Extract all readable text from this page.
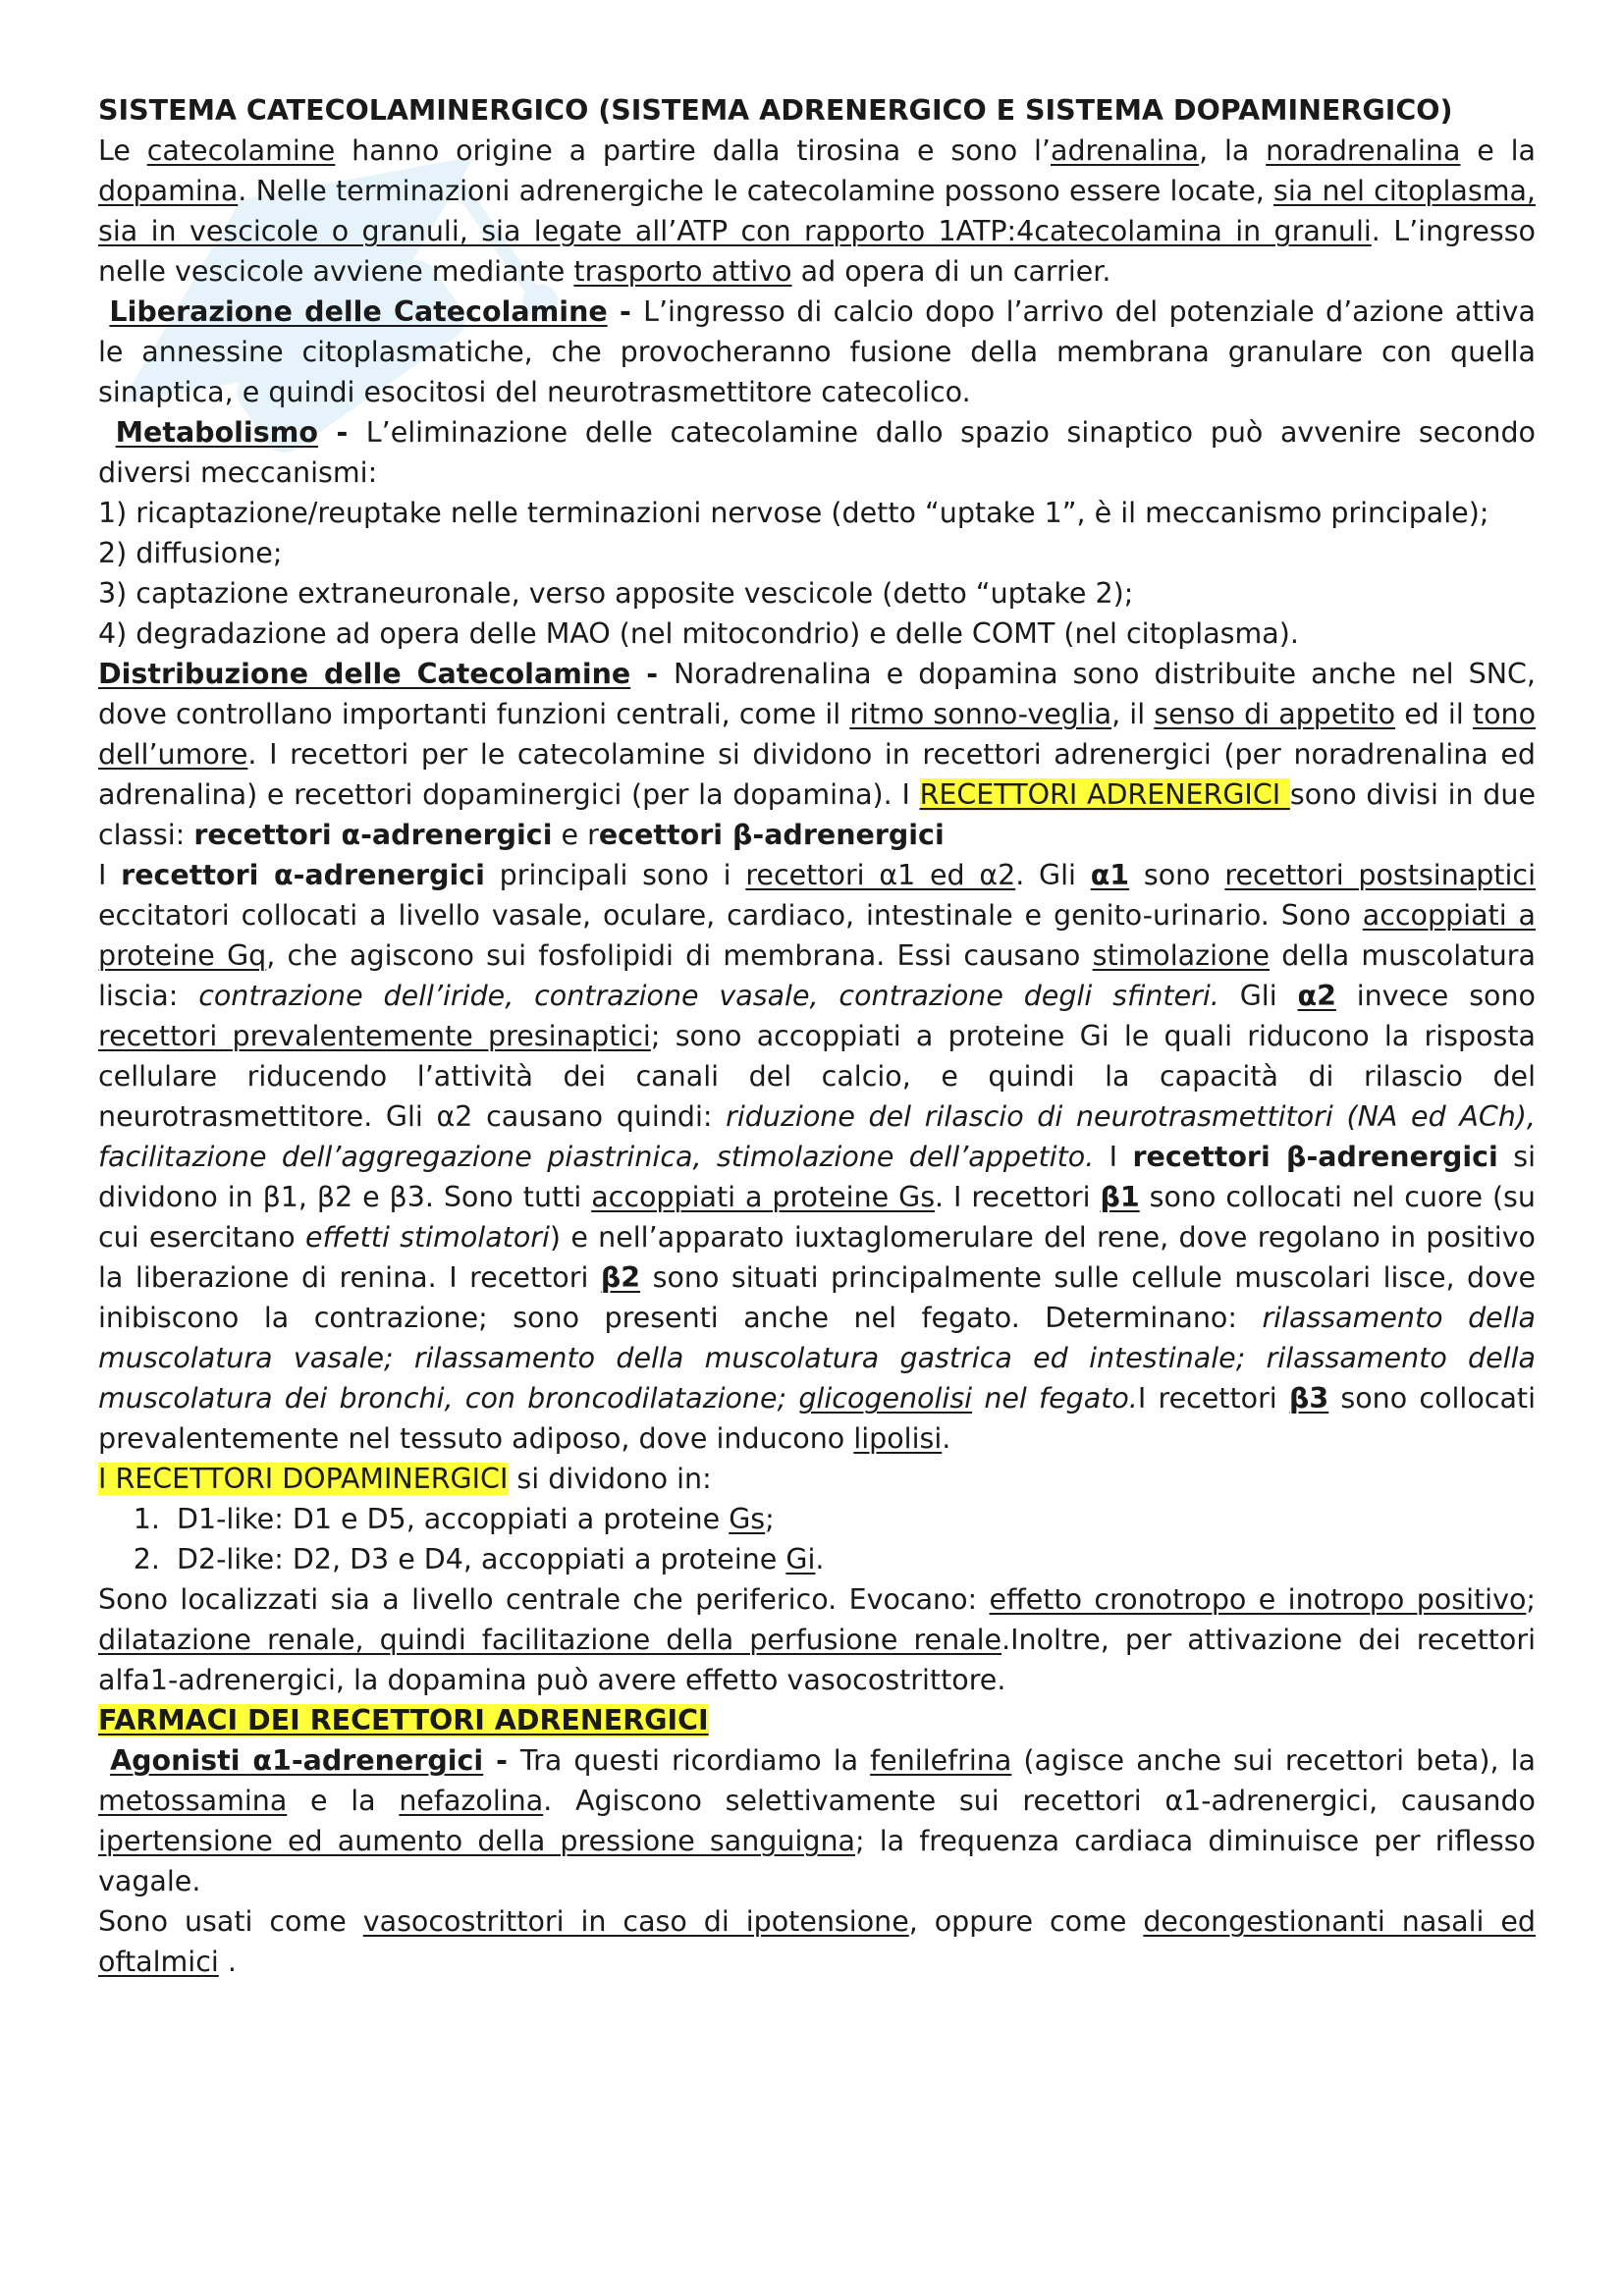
SISTEMA CATECOLAMINERGICO (SISTEMA ADRENERGICO E SISTEMA DOPAMINERGICO)

Le catecolamine hanno origine a partire dalla tirosina e sono l’adrenalina, la noradrenalina e la dopamina. Nelle terminazioni adrenergiche le catecolamine possono essere locate, sia nel citoplasma, sia in vescicole o granuli, sia legate all’ATP con rapporto 1ATP:4catecolamina in granuli. L’ingresso nelle vescicole avviene mediante trasporto attivo ad opera di un carrier.

Liberazione delle Catecolamine - L’ingresso di calcio dopo l’arrivo del potenziale d’azione attiva le annessine citoplasmatiche, che provocheranno fusione della membrana granulare con quella sinaptica, e quindi esocitosi del neurotrasmettitore catecolico.

Metabolismo - L’eliminazione delle catecolamine dallo spazio sinaptico può avvenire secondo diversi meccanismi:

1) ricaptazione/reuptake nelle terminazioni nervose (detto “uptake 1”, è il meccanismo principale);

2) diffusione;

3) captazione extraneuronale, verso apposite vescicole (detto “uptake 2);

4) degradazione ad opera delle MAO (nel mitocondrio) e delle COMT (nel citoplasma).

Distribuzione delle Catecolamine - Noradrenalina e dopamina sono distribuite anche nel SNC, dove controllano importanti funzioni centrali, come il ritmo sonno-veglia, il senso di appetito ed il tono dell’umore. I recettori per le catecolamine si dividono in recettori adrenergici (per noradrenalina ed adrenalina) e recettori dopaminergici (per la dopamina). I RECETTORI ADRENERGICI sono divisi in due classi: recettori α-adrenergici e recettori β-adrenergici

I recettori α-adrenergici principali sono i recettori α1 ed α2. Gli α1 sono recettori postsinaptici eccitatori collocati a livello vasale, oculare, cardiaco, intestinale e genito-urinario. Sono accoppiati a proteine Gq, che agiscono sui fosfolipidi di membrana. Essi causano stimolazione della muscolatura liscia: contrazione dell’iride, contrazione vasale, contrazione degli sfinteri. Gli α2 invece sono recettori prevalentemente presinaptici; sono accoppiati a proteine Gi le quali riducono la risposta cellulare riducendo l’attività dei canali del calcio, e quindi la capacità di rilascio del neurotrasmettitore. Gli α2 causano quindi: riduzione del rilascio di neurotrasmettitori (NA ed ACh), facilitazione dell’aggregazione piastrinica, stimolazione dell’appetito. I recettori β-adrenergici si dividono in β1, β2 e β3. Sono tutti accoppiati a proteine Gs. I recettori β1 sono collocati nel cuore (su cui esercitano effetti stimolatori) e nell’apparato iuxtaglomerulare del rene, dove regolano in positivo la liberazione di renina. I recettori β2 sono situati principalmente sulle cellule muscolari lisce, dove inibiscono la contrazione; sono presenti anche nel fegato. Determinano: rilassamento della muscolatura vasale; rilassamento della muscolatura gastrica ed intestinale; rilassamento della muscolatura dei bronchi, con broncodilatazione; glicogenolisi nel fegato.I recettori β3 sono collocati prevalentemente nel tessuto adiposo, dove inducono lipolisi.

I RECETTORI DOPAMINERGICI si dividono in:

1. D1-like: D1 e D5, accoppiati a proteine Gs;
2. D2-like: D2, D3 e D4, accoppiati a proteine Gi.

Sono localizzati sia a livello centrale che periferico. Evocano: effetto cronotropo e inotropo positivo; dilatazione renale, quindi facilitazione della perfusione renale.Inoltre, per attivazione dei recettori alfa1-adrenergici, la dopamina può avere effetto vasocostrittore.

FARMACI DEI RECETTORI ADRENERGICI

Agonisti α1-adrenergici - Tra questi ricordiamo la fenilefrina (agisce anche sui recettori beta), la metossamina e la nefazolina. Agiscono selettivamente sui recettori α1-adrenergici, causando ipertensione ed aumento della pressione sanguigna; la frequenza cardiaca diminuisce per riflesso vagale.

Sono usati come vasocostrittori in caso di ipotensione, oppure come decongestionanti nasali ed oftalmici .
